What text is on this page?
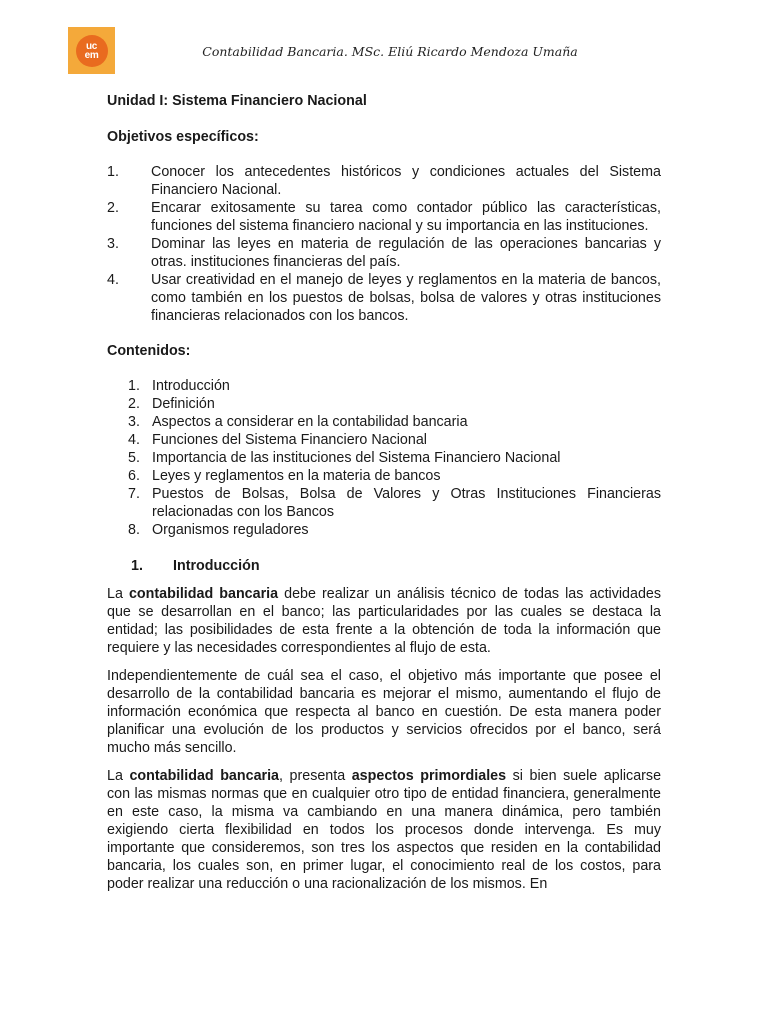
uc
em	Contabilidad Bancaria. MSc. Eliú Ricardo Mendoza Umaña
Unidad I: Sistema Financiero Nacional
Objetivos específicos:
1.	Conocer los antecedentes históricos y condiciones actuales del Sistema Financiero Nacional.
2.	Encarar exitosamente su tarea como contador público las características, funciones del sistema financiero nacional y su importancia en las instituciones.
3.	Dominar las leyes en materia de regulación de las operaciones bancarias y otras. instituciones financieras del país.
4.	Usar creatividad en el manejo de leyes y reglamentos en la materia de bancos, como también en los puestos de bolsas, bolsa de valores y otras instituciones financieras relacionados con los bancos.
Contenidos:
1. Introducción
2. Definición
3. Aspectos a considerar en la contabilidad bancaria
4. Funciones del Sistema Financiero Nacional
5. Importancia de las instituciones del Sistema Financiero Nacional
6. Leyes y reglamentos en la materia de bancos
7. Puestos de Bolsas, Bolsa de Valores y Otras Instituciones Financieras relacionadas con los Bancos
8. Organismos reguladores
1.	Introducción

La contabilidad bancaria debe realizar un análisis técnico de todas las actividades que se desarrollan en el banco; las particularidades por las cuales se destaca la entidad; las posibilidades de esta frente a la obtención de toda la información que requiere y las necesidades correspondientes al flujo de esta.

Independientemente de cuál sea el caso, el objetivo más importante que posee el desarrollo de la contabilidad bancaria es mejorar el mismo, aumentando el flujo de información económica que respecta al banco en cuestión. De esta manera poder planificar una evolución de los productos y servicios ofrecidos por el banco, será mucho más sencillo.

La contabilidad bancaria, presenta aspectos primordiales si bien suele aplicarse con las mismas normas que en cualquier otro tipo de entidad financiera, generalmente en este caso, la misma va cambiando en una manera dinámica, pero también exigiendo cierta flexibilidad en todos los procesos donde intervenga. Es muy importante que consideremos, son tres los aspectos que residen en la contabilidad bancaria, los cuales son, en primer lugar, el conocimiento real de los costos, para poder realizar una reducción o una racionalización de los mismos. En
